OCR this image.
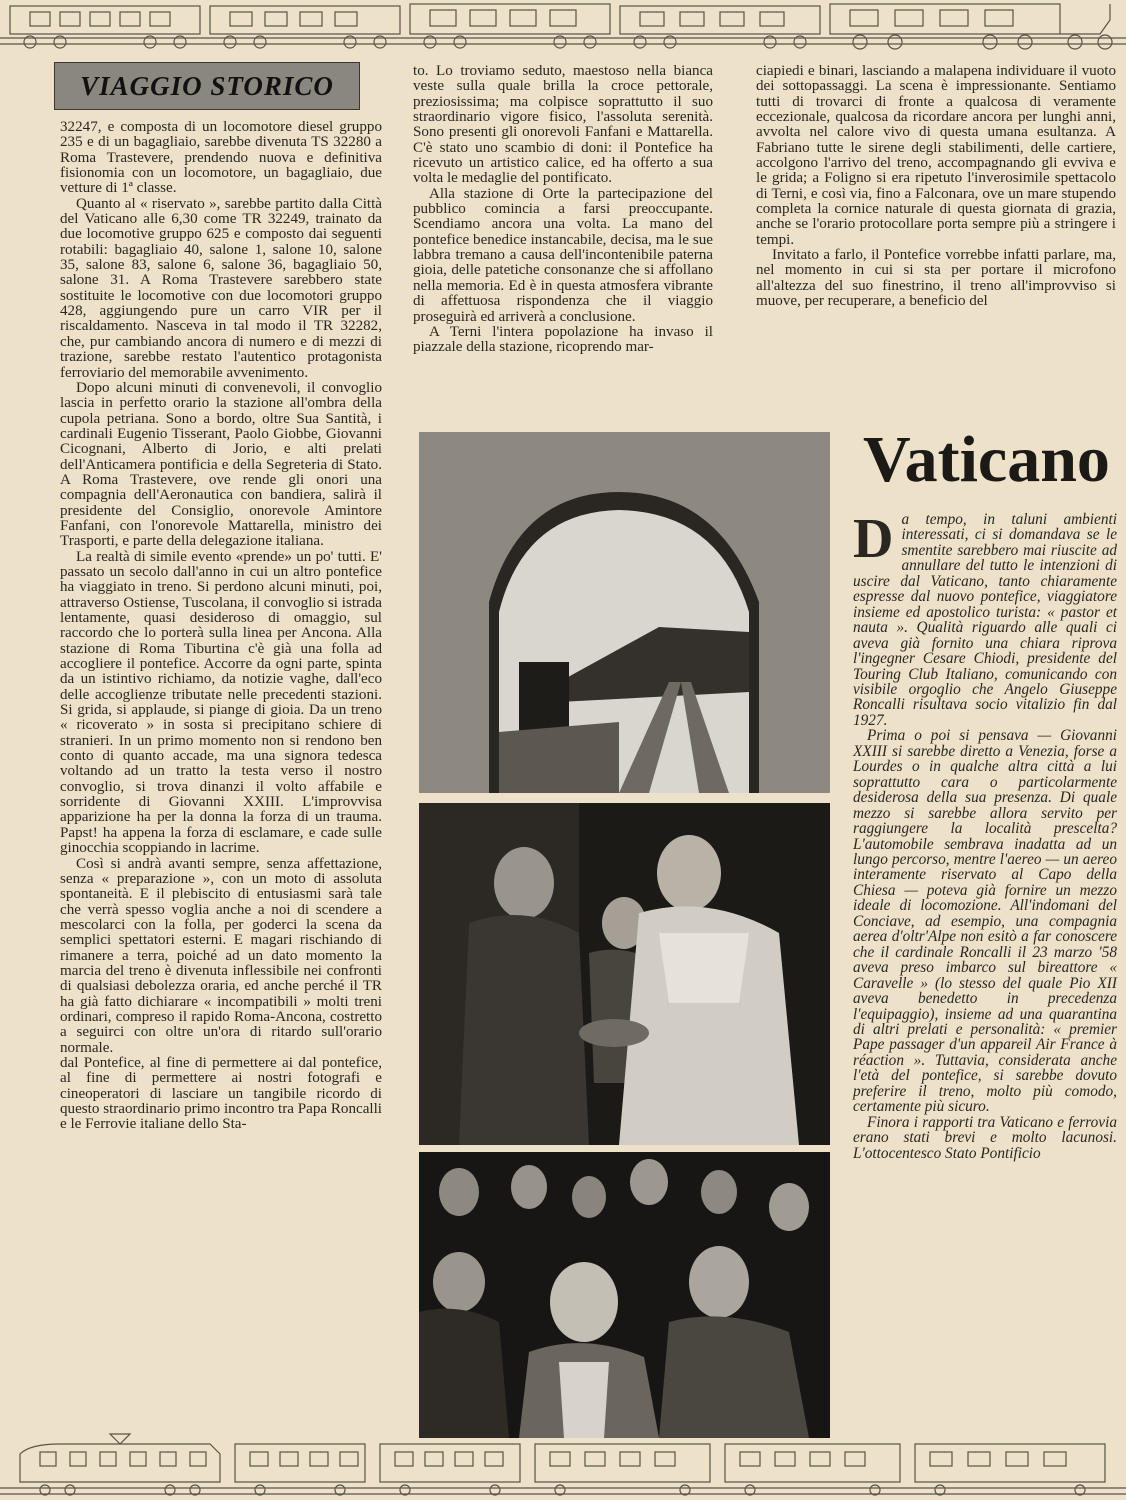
VIAGGIO STORICO

32247, e composta di un locomotore diesel gruppo 235 e di un bagagliaio, sarebbe divenuta TS 32280 a Roma Trastevere, prendendo nuova e definitiva fisionomia con un locomotore, un bagagliaio, due vetture di 1ª classe.

Quanto al « riservato », sarebbe partito dalla Città del Vaticano alle 6,30 come TR 32249, trainato da due locomotive gruppo 625 e composto dai seguenti rotabili: bagagliaio 40, salone 1, salone 10, salone 35, salone 83, salone 6, salone 36, bagagliaio 50, salone 31. A Roma Trastevere sarebbero state sostituite le locomotive con due locomotori gruppo 428, aggiungendo pure un carro VIR per il riscaldamento. Nasceva in tal modo il TR 32282, che, pur cambiando ancora di numero e di mezzi di trazione, sarebbe restato l'autentico protagonista ferroviario del memorabile avvenimento.

Dopo alcuni minuti di convenevoli, il convoglio lascia in perfetto orario la stazione all'ombra della cupola petriana. Sono a bordo, oltre Sua Santità, i cardinali Eugenio Tisserant, Paolo Giobbe, Giovanni Cicognani, Alberto di Jorio, e alti prelati dell'Anticamera pontificia e della Segreteria di Stato. A Roma Trastevere, ove rende gli onori una compagnia dell'Aeronautica con bandiera, salirà il presidente del Consiglio, onorevole Amintore Fanfani, con l'onorevole Mattarella, ministro dei Trasporti, e parte della delegazione italiana.

La realtà di simile evento «prende» un po' tutti. E' passato un secolo dall'anno in cui un altro pontefice ha viaggiato in treno. Si perdono alcuni minuti, poi, attraverso Ostiense, Tuscolana, il convoglio si istrada lentamente, quasi desideroso di omaggio, sul raccordo che lo porterà sulla linea per Ancona. Alla stazione di Roma Tiburtina c'è già una folla ad accogliere il pontefice. Accorre da ogni parte, spinta da un istintivo richiamo, da notizie vaghe, dall'eco delle accoglienze tributate nelle precedenti stazioni. Si grida, si applaude, si piange di gioia. Da un treno « ricoverato » in sosta si precipitano schiere di stranieri. In un primo momento non si rendono ben conto di quanto accade, ma una signora tedesca voltando ad un tratto la testa verso il nostro convoglio, si trova dinanzi il volto affabile e sorridente di Giovanni XXIII. L'improvvisa apparizione ha per la donna la forza di un trauma. Papst! ha appena la forza di esclamare, e cade sulle ginocchia scoppiando in lacrime.

Così si andrà avanti sempre, senza affettazione, senza « preparazione », con un moto di assoluta spontaneità. E il plebiscito di entusiasmi sarà tale che verrà spesso voglia anche a noi di scendere a mescolarci con la folla, per goderci la scena da semplici spettatori esterni. E magari rischiando di rimanere a terra, poiché ad un dato momento la marcia del treno è divenuta inflessibile nei confronti di qualsiasi debolezza oraria, ed anche perché il TR ha già fatto dichiarare « incompatibili » molti treni ordinari, compreso il rapido Roma-Ancona, costretto a seguirci con oltre un'ora di ritardo sull'orario normale.

dal Pontefice, al fine di permettere ai dal pontefice, al fine di permettere ai nostri fotografi e cineoperatori di lasciare un tangibile ricordo di questo straordinario primo incontro tra Papa Roncalli e le Ferrovie italiane dello Sta-

to. Lo troviamo seduto, maestoso nella bianca veste sulla quale brilla la croce pettorale, preziosissima; ma colpisce soprattutto il suo straordinario vigore fisico, l'assoluta serenità. Sono presenti gli onorevoli Fanfani e Mattarella. C'è stato uno scambio di doni: il Pontefice ha ricevuto un artistico calice, ed ha offerto a sua volta le medaglie del pontificato.

Alla stazione di Orte la partecipazione del pubblico comincia a farsi preoccupante. Scendiamo ancora una volta. La mano del pontefice benedice instancabile, decisa, ma le sue labbra tremano a causa dell'incontenibile paterna gioia, delle patetiche consonanze che si affollano nella memoria. Ed è in questa atmosfera vibrante di affettuosa rispondenza che il viaggio proseguirà ed arriverà a conclusione.

A Terni l'intera popolazione ha invaso il piazzale della stazione, ricoprendo mar-

ciapiedi e binari, lasciando a malapena individuare il vuoto dei sottopassaggi. La scena è impressionante. Sentiamo tutti di trovarci di fronte a qualcosa di veramente eccezionale, qualcosa da ricordare ancora per lunghi anni, avvolta nel calore vivo di questa umana esultanza. A Fabriano tutte le sirene degli stabilimenti, delle cartiere, accolgono l'arrivo del treno, accompagnando gli evviva e le grida; a Foligno si era ripetuto l'inverosimile spettacolo di Terni, e così via, fino a Falconara, ove un mare stupendo completa la cornice naturale di questa giornata di grazia, anche se l'orario protocollare porta sempre più a stringere i tempi.

Invitato a farlo, il Pontefice vorrebbe infatti parlare, ma, nel momento in cui si sta per portare il microfono all'altezza del suo finestrino, il treno all'improvviso si muove, per recuperare, a beneficio del

Vaticano

Da tempo, in taluni ambienti interessati, ci si domandava se le smentite sarebbero mai riuscite ad annullare del tutto le intenzioni di uscire dal Vaticano, tanto chiaramente espresse dal nuovo pontefice, viaggiatore insieme ed apostolico turista: « pastor et nauta ». Qualità riguardo alle quali ci aveva già fornito una chiara riprova l'ingegner Cesare Chiodi, presidente del Touring Club Italiano, comunicando con visibile orgoglio che Angelo Giuseppe Roncalli risultava socio vitalizio fin dal 1927.

Prima o poi si pensava — Giovanni XXIII si sarebbe diretto a Venezia, forse a Lourdes o in qualche altra città a lui soprattutto cara o particolarmente desiderosa della sua presenza. Di quale mezzo si sarebbe allora servito per raggiungere la località prescelta? L'automobile sembrava inadatta ad un lungo percorso, mentre l'aereo — un aereo interamente riservato al Capo della Chiesa — poteva già fornire un mezzo ideale di locomozione. All'indomani del Conciave, ad esempio, una compagnia aerea d'oltr'Alpe non esitò a far conoscere che il cardinale Roncalli il 23 marzo '58 aveva preso imbarco sul bireattore « Caravelle » (lo stesso del quale Pio XII aveva benedetto in precedenza l'equipaggio), insieme ad una quarantina di altri prelati e personalità: « premier Pape passager d'un appareil Air France à réaction ». Tuttavia, considerata anche l'età del pontefice, si sarebbe dovuto preferire il treno, molto più comodo, certamente più sicuro.

Finora i rapporti tra Vaticano e ferrovia erano stati brevi e molto lacunosi. L'ottocentesco Stato Pontificio
